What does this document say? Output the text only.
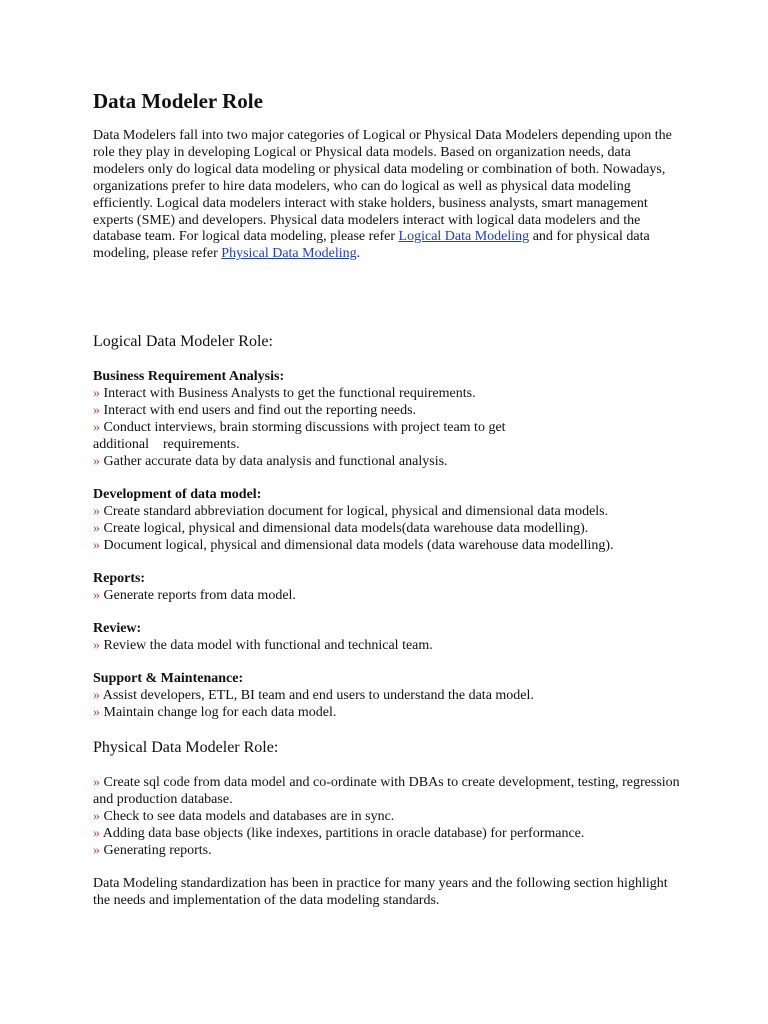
Data Modeler Role

Data Modelers fall into two major categories of Logical or Physical Data Modelers depending upon the role they play in developing Logical or Physical data models. Based on organization needs, data modelers only do logical data modeling or physical data modeling or combination of both. Nowadays, organizations prefer to hire data modelers, who can do logical as well as physical data modeling efficiently. Logical data modelers interact with stake holders, business analysts, smart management experts (SME) and developers. Physical data modelers interact with logical data modelers and the database team. For logical data modeling, please refer Logical Data Modeling and for physical data modeling, please refer Physical Data Modeling.

Logical Data Modeler Role:
Business Requirement Analysis:
» Interact with Business Analysts to get the functional requirements.
» Interact with end users and find out the reporting needs.
» Conduct interviews, brain storming discussions with project team to get
additional    requirements.
» Gather accurate data by data analysis and functional analysis.
Development of data model:
» Create standard abbreviation document for logical, physical and dimensional data models.
» Create logical, physical and dimensional data models(data warehouse data modelling).
» Document logical, physical and dimensional data models (data warehouse data modelling).
Reports:
» Generate reports from data model.
Review:
» Review the data model with functional and technical team.
Support & Maintenance:
» Assist developers, ETL, BI team and end users to understand the data model.
» Maintain change log for each data model.
Physical Data Modeler Role:
» Create sql code from data model and co-ordinate with DBAs to create development, testing, regression and production database.
» Check to see data models and databases are in sync.
» Adding data base objects (like indexes, partitions in oracle database) for performance.
» Generating reports.

Data Modeling standardization has been in practice for many years and the following section highlight the needs and implementation of the data modeling standards.
